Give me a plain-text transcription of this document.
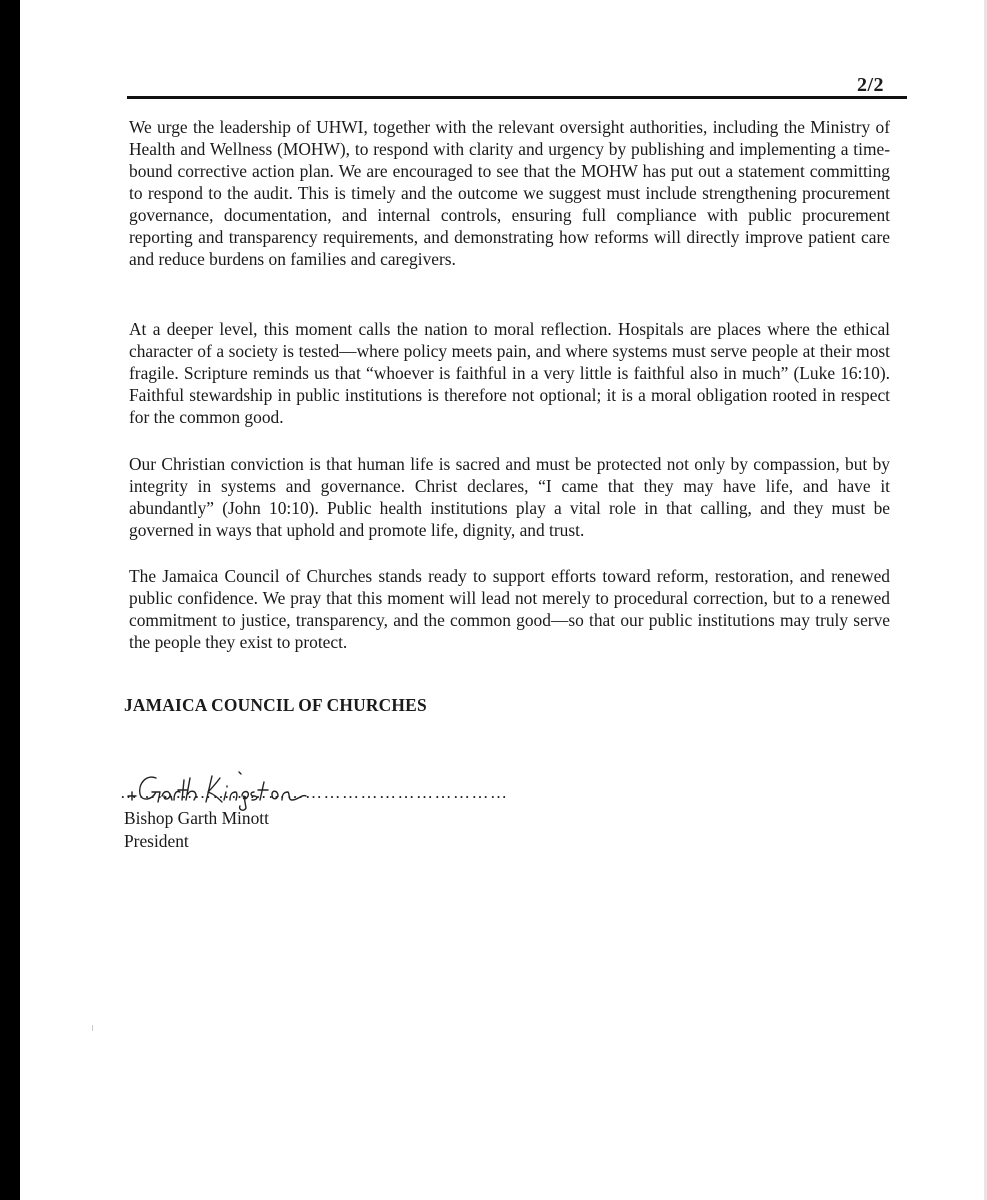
2/2

We urge the leadership of UHWI, together with the relevant oversight authorities, including the Ministry of Health and Wellness (MOHW), to respond with clarity and urgency by publishing and implementing a time-bound corrective action plan. We are encouraged to see that the MOHW has put out a statement committing to respond to the audit. This is timely and the outcome we suggest must include strengthening procurement governance, documentation, and internal controls, ensuring full compliance with public procurement reporting and transparency requirements, and demonstrating how reforms will directly improve patient care and reduce burdens on families and caregivers.

At a deeper level, this moment calls the nation to moral reflection. Hospitals are places where the ethical character of a society is tested—where policy meets pain, and where systems must serve people at their most fragile. Scripture reminds us that “whoever is faithful in a very little is faithful also in much” (Luke 16:10). Faithful stewardship in public institutions is therefore not optional; it is a moral obligation rooted in respect for the common good.

Our Christian conviction is that human life is sacred and must be protected not only by compassion, but by integrity in systems and governance. Christ declares, “I came that they may have life, and have it abundantly” (John 10:10). Public health institutions play a vital role in that calling, and they must be governed in ways that uphold and promote life, dignity, and trust.

The Jamaica Council of Churches stands ready to support efforts toward reform, restoration, and renewed public confidence. We pray that this moment will lead not merely to procedural correction, but to a renewed commitment to justice, transparency, and the common good—so that our public institutions may truly serve the people they exist to protect.

JAMAICA COUNCIL OF CHURCHES
………………………………………………………
Bishop Garth Minott
President
